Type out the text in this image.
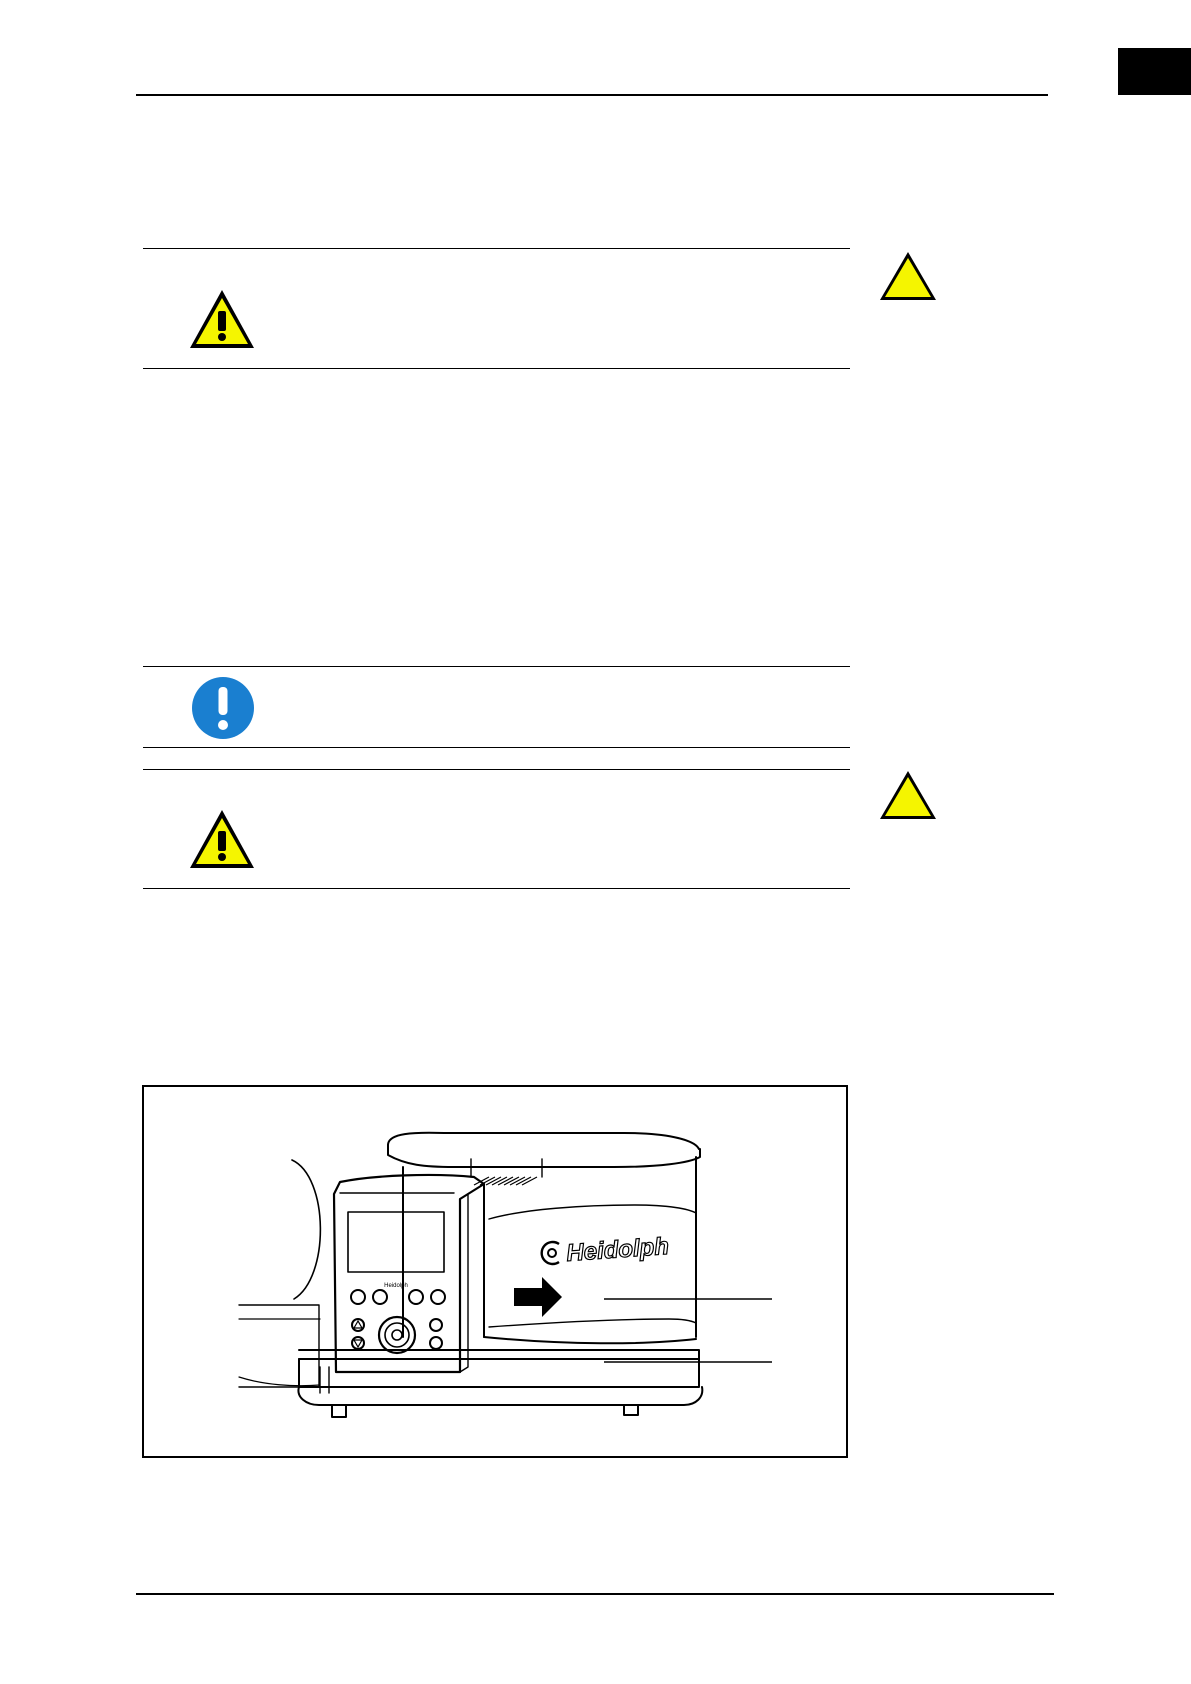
Heidolph
Heidolph
